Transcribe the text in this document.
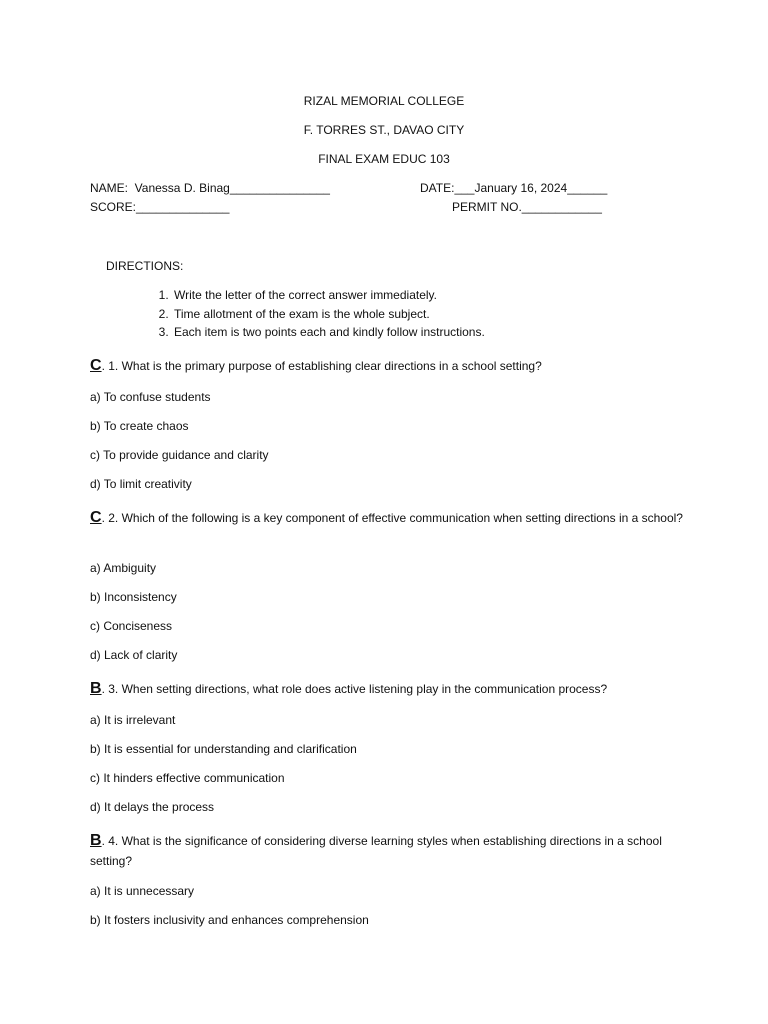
RIZAL MEMORIAL COLLEGE
F. TORRES ST., DAVAO CITY
FINAL EXAM EDUC 103
NAME:  Vanessa D. Binag_______________	DATE:___January 16, 2024______
SCORE:______________	PERMIT NO.____________
DIRECTIONS:
1. Write the letter of the correct answer immediately.
2. Time allotment of the exam is the whole subject.
3. Each item is two points each and kindly follow instructions.
C. 1. What is the primary purpose of establishing clear directions in a school setting?
a) To confuse students
b) To create chaos
c) To provide guidance and clarity
d) To limit creativity
C. 2. Which of the following is a key component of effective communication when setting directions in a school?
a) Ambiguity
b) Inconsistency
c) Conciseness
d) Lack of clarity
B. 3. When setting directions, what role does active listening play in the communication process?
a) It is irrelevant
b) It is essential for understanding and clarification
c) It hinders effective communication
d) It delays the process
B. 4. What is the significance of considering diverse learning styles when establishing directions in a school setting?
a) It is unnecessary
b) It fosters inclusivity and enhances comprehension
